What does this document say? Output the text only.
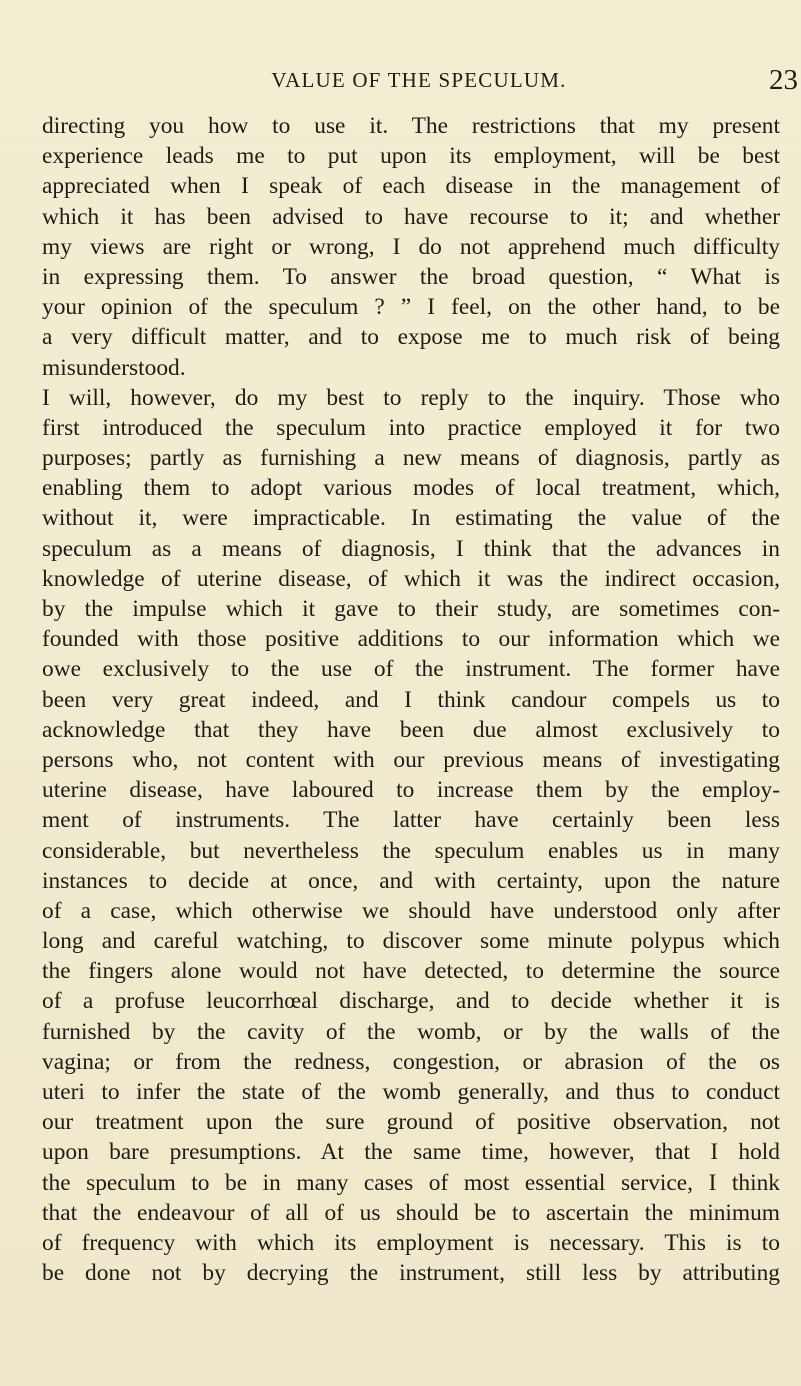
VALUE OF THE SPECULUM.	23
directing you how to use it. The restrictions that my present
experience leads me to put upon its employment, will be best
appreciated when I speak of each disease in the management of
which it has been advised to have recourse to it; and whether
my views are right or wrong, I do not apprehend much difficulty
in expressing them. To answer the broad question, “ What is
your opinion of the speculum ? ” I feel, on the other hand, to be
a very difficult matter, and to expose me to much risk of being
misunderstood.
I will, however, do my best to reply to the inquiry. Those who
first introduced the speculum into practice employed it for two
purposes; partly as furnishing a new means of diagnosis, partly as
enabling them to adopt various modes of local treatment, which,
without it, were impracticable. In estimating the value of the
speculum as a means of diagnosis, I think that the advances in
knowledge of uterine disease, of which it was the indirect occasion,
by the impulse which it gave to their study, are sometimes con-
founded with those positive additions to our information which we
owe exclusively to the use of the instrument. The former have
been very great indeed, and I think candour compels us to
acknowledge that they have been due almost exclusively to
persons who, not content with our previous means of investigating
uterine disease, have laboured to increase them by the employ-
ment of instruments. The latter have certainly been less
considerable, but nevertheless the speculum enables us in many
instances to decide at once, and with certainty, upon the nature
of a case, which otherwise we should have understood only after
long and careful watching, to discover some minute polypus which
the fingers alone would not have detected, to determine the source
of a profuse leucorrhœal discharge, and to decide whether it is
furnished by the cavity of the womb, or by the walls of the
vagina; or from the redness, congestion, or abrasion of the os
uteri to infer the state of the womb generally, and thus to conduct
our treatment upon the sure ground of positive observation, not
upon bare presumptions. At the same time, however, that I hold
the speculum to be in many cases of most essential service, I think
that the endeavour of all of us should be to ascertain the minimum
of frequency with which its employment is necessary. This is to
be done not by decrying the instrument, still less by attributing
